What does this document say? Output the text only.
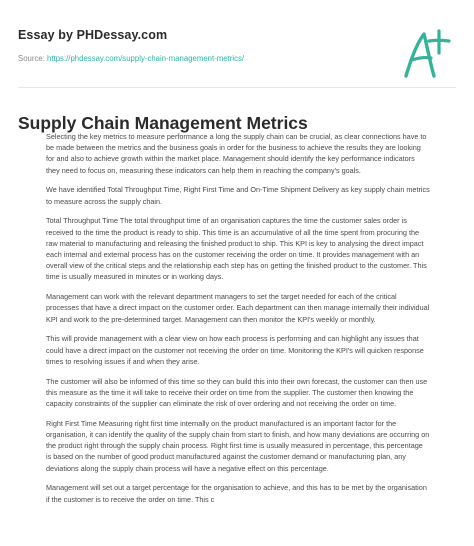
Essay by PHDessay.com
Source: https://phdessay.com/supply-chain-management-metrics/
Supply Chain Management Metrics

Selecting the key metrics to measure performance a long the supply chain can be crucial, as clear connections have to be made between the metrics and the business goals in order for the business to achieve the results they are looking for and also to achieve growth within the market place. Management should identify the key performance indicators they need to focus on, measuring these indicators can help them in reaching the company's goals.

We have identified Total Throughput Time, Right First Time and On-Time Shipment Delivery as key supply chain metrics to measure across the supply chain.

Total Throughput Time The total throughput time of an organisation captures the time the customer sales order is received to the time the product is ready to ship. This time is an accumulative of all the time spent from procuring the raw material to manufacturing and releasing the finished product to ship. This KPI is key to analysing the direct impact each internal and external process has on the customer receiving the order on time. It provides management with an overall view of the critical steps and the relationship each step has on getting the finished product to the customer. This time is usually measured in minutes or in working days.

Management can work with the relevant department managers to set the target needed for each of the critical processes that have a direct impact on the customer order. Each department can then manage internally their individual KPI and work to the pre-determined target. Management can then monitor the KPI's weekly or monthly.

This will provide management with a clear view on how each process is performing and can highlight any issues that could have a direct impact on the customer not receiving the order on time. Monitoring the KPI's will quicken response times to resolving issues if and when they arise.

The customer will also be informed of this time so they can build this into their own forecast, the customer can then use this measure as the time it will take to receive their order on time from the supplier. The customer then knowing the capacity constraints of the supplier can eliminate the risk of over ordering and not receiving the order on time.

Right First Time Measuring right first time internally on the product manufactured is an important factor for the organisation, it can identify the quality of the supply chain from start to finish, and how many deviations are occurring on the product right through the supply chain process. Right first time is usually measured in percentage, this percentage is based on the number of good product manufactured against the customer demand or manufacturing plan, any deviations along the supply chain process will have a negative effect on this percentage.

Management will set out a target percentage for the organisation to achieve, and this has to be met by the organisation if the customer is to receive the order on time. This c
